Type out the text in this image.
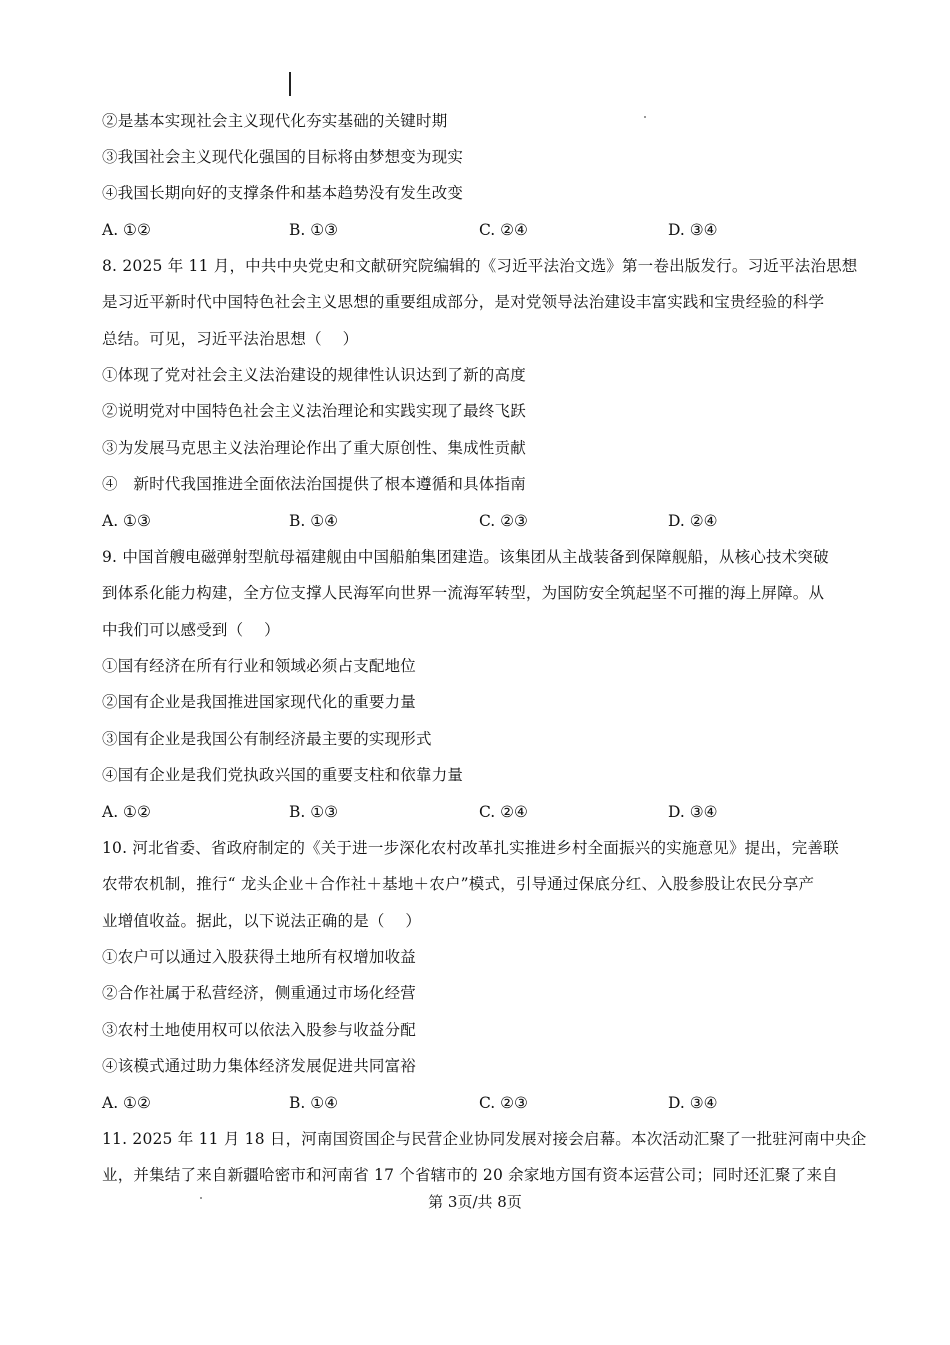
②是基本实现社会主义现代化夯实基础的关键时期
③我国社会主义现代化强国的目标将由梦想变为现实
④我国长期向好的支撑条件和基本趋势没有发生改变
A. ①②	B. ①③	C. ②④	D. ③④
8. 2025 年 11 月，中共中央党史和文献研究院编辑的《习近平法治文选》第一卷出版发行。习近平法治思想
是习近平新时代中国特色社会主义思想的重要组成部分，是对党领导法治建设丰富实践和宝贵经验的科学
总结。可见，习近平法治思想（　 ）
①体现了党对社会主义法治建设的规律性认识达到了新的高度
②说明党对中国特色社会主义法治理论和实践实现了最终飞跃
③为发展马克思主义法治理论作出了重大原创性、集成性贡献
④　新时代我国推进全面依法治国提供了根本遵循和具体指南
A. ①③	B. ①④	C. ②③	D. ②④
9. 中国首艘电磁弹射型航母福建舰由中国船舶集团建造。该集团从主战装备到保障舰船，从核心技术突破
到体系化能力构建，全方位支撑人民海军向世界一流海军转型，为国防安全筑起坚不可摧的海上屏障。从
中我们可以感受到（　 ）
①国有经济在所有行业和领域必须占支配地位
②国有企业是我国推进国家现代化的重要力量
③国有企业是我国公有制经济最主要的实现形式
④国有企业是我们党执政兴国的重要支柱和依靠力量
A. ①②	B. ①③	C. ②④	D. ③④
10. 河北省委、省政府制定的《关于进一步深化农村改革扎实推进乡村全面振兴的实施意见》提出，完善联
农带农机制，推行“ 龙头企业＋合作社＋基地＋农户”模式，引导通过保底分红、入股参股让农民分享产
业增值收益。据此，以下说法正确的是（　 ）
①农户可以通过入股获得土地所有权增加收益
②合作社属于私营经济，侧重通过市场化经营
③农村土地使用权可以依法入股参与收益分配
④该模式通过助力集体经济发展促进共同富裕
A. ①②	B. ①④	C. ②③	D. ③④
11. 2025 年 11 月 18 日，河南国资国企与民营企业协同发展对接会启幕。本次活动汇聚了一批驻河南中央企
业，并集结了来自新疆哈密市和河南省 17 个省辖市的 20 余家地方国有资本运营公司；同时还汇聚了来自
第 3页/共 8页
